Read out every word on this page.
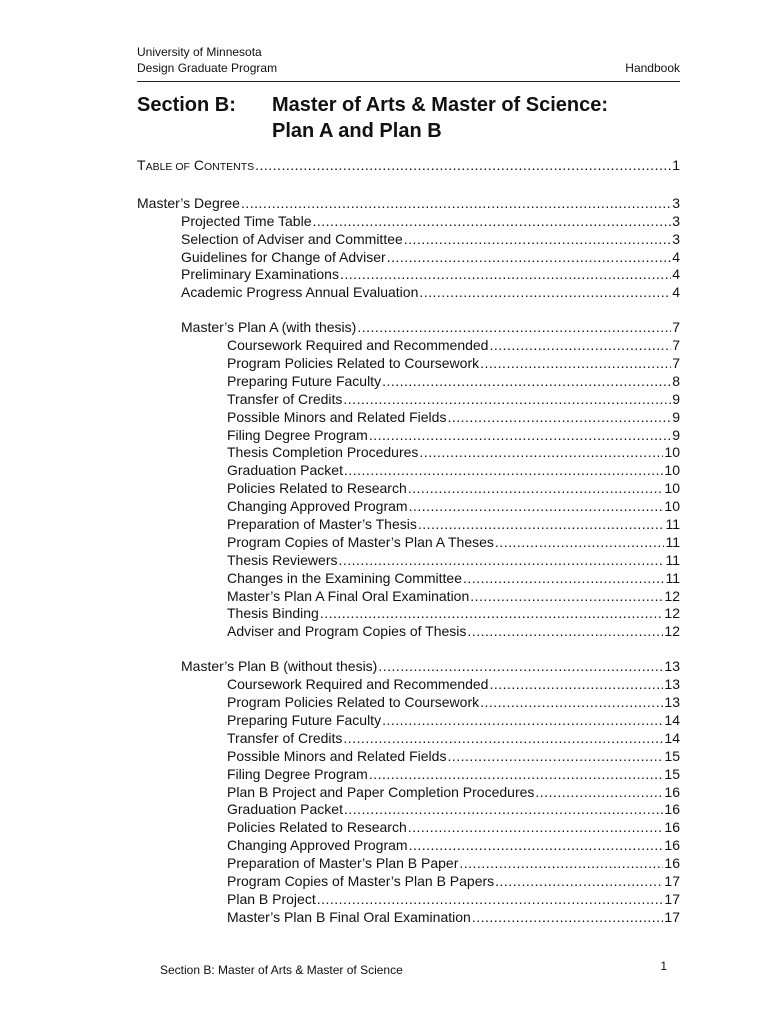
University of Minnesota
Design Graduate Program	Handbook
Section B: Master of Arts & Master of Science:
Plan A and Plan B
TABLE OF CONTENTS .....	1
Master’s Degree .....	3
Projected Time Table .....	3
Selection of Adviser and Committee .....	3
Guidelines for Change of Adviser .....	4
Preliminary Examinations .....	4
Academic Progress Annual Evaluation .....	4
Master’s Plan A (with thesis) .....	7
Coursework Required and Recommended .....	7
Program Policies Related to Coursework .....	7
Preparing Future Faculty .....	8
Transfer of Credits .....	9
Possible Minors and Related Fields .....	9
Filing Degree Program .....	9
Thesis Completion Procedures .....	10
Graduation Packet .....	10
Policies Related to Research .....	10
Changing Approved Program .....	10
Preparation of Master’s Thesis .....	11
Program Copies of Master’s Plan A Theses .....	11
Thesis Reviewers .....	11
Changes in the Examining Committee .....	11
Master’s Plan A Final Oral Examination .....	12
Thesis Binding .....	12
Adviser and Program Copies of Thesis .....	12
Master’s Plan B (without thesis) .....	13
Coursework Required and Recommended .....	13
Program Policies Related to Coursework .....	13
Preparing Future Faculty .....	14
Transfer of Credits .....	14
Possible Minors and Related Fields .....	15
Filing Degree Program .....	15
Plan B Project and Paper Completion Procedures .....	16
Graduation Packet .....	16
Policies Related to Research .....	16
Changing Approved Program .....	16
Preparation of Master’s Plan B Paper .....	16
Program Copies of Master’s Plan B Papers .....	17
Plan B Project .....	17
Master’s Plan B Final Oral Examination .....	17
Section B: Master of Arts & Master of Science	1
